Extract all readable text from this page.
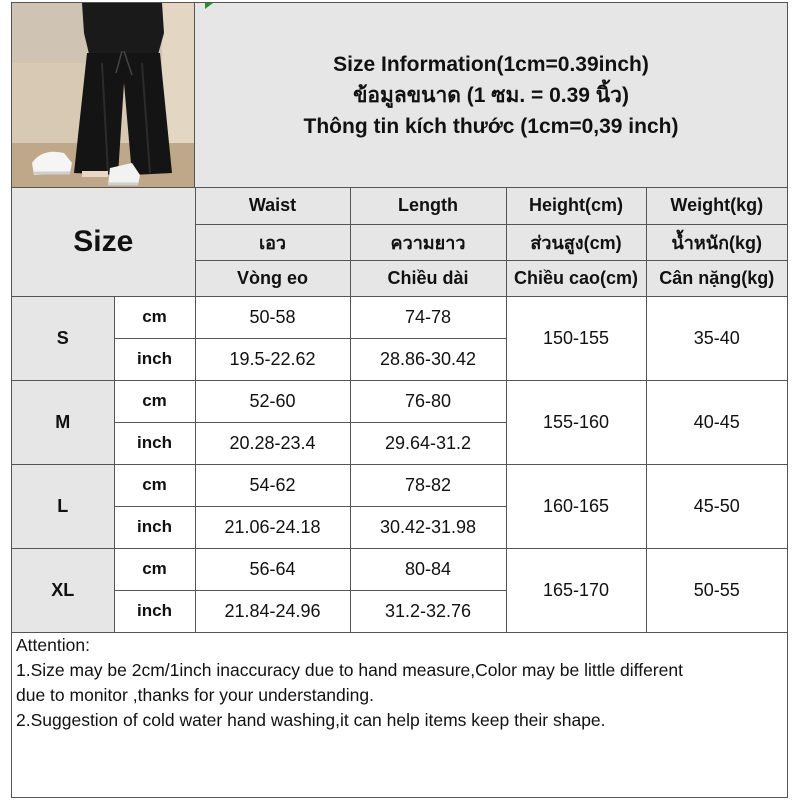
Size Information(1cm=0.39inch)
ข้อมูลขนาด (1 ซม. = 0.39 นิ้ว)
Thông tin kích thước (1cm=0,39 inch)
Size		Waist	Length	Height(cm)	Weight(kg)
		เอว	ความยาว	ส่วนสูง(cm)	น้ำหนัก(kg)
		Vòng eo	Chiều dài	Chiều cao(cm)	Cân nặng(kg)
S	cm	50-58	74-78	150-155	35-40
	inch	19.5-22.62	28.86-30.42		
M	cm	52-60	76-80	155-160	40-45
	inch	20.28-23.4	29.64-31.2		
L	cm	54-62	78-82	160-165	45-50
	inch	21.06-24.18	30.42-31.98		
XL	cm	56-64	80-84	165-170	50-55
	inch	21.84-24.96	31.2-32.76		

Attention:

1.Size may be 2cm/1inch inaccuracy due to hand measure,Color may be little different

due to monitor ,thanks for your understanding.

2.Suggestion of cold water hand washing,it can help items keep their shape.
